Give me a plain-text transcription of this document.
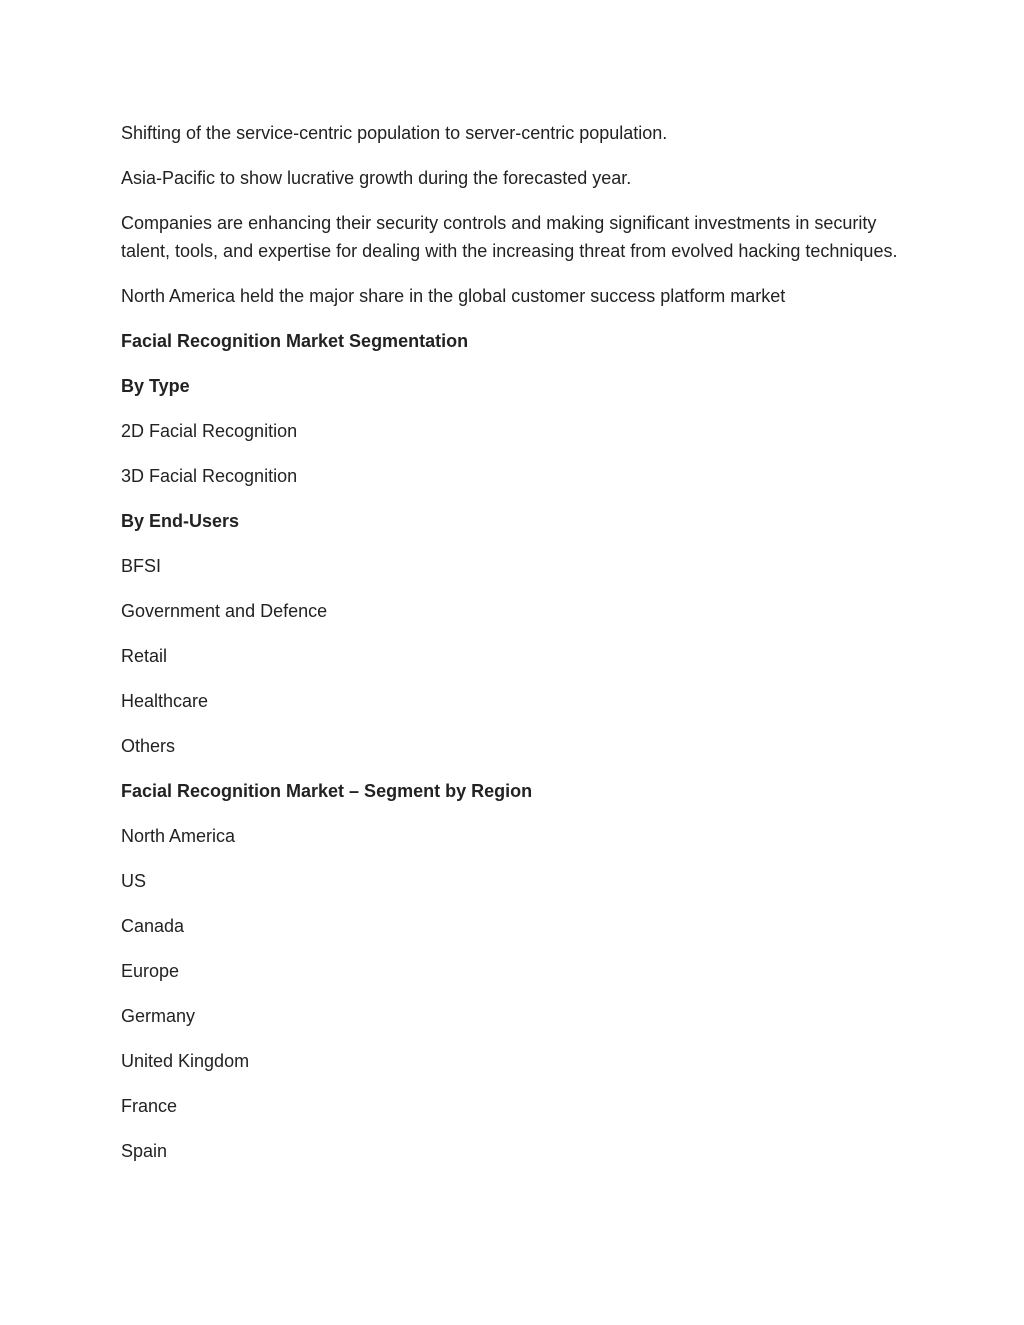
Shifting of the service-centric population to server-centric population.

Asia-Pacific to show lucrative growth during the forecasted year.

Companies are enhancing their security controls and making significant investments in security talent, tools, and expertise for dealing with the increasing threat from evolved hacking techniques.

North America held the major share in the global customer success platform market

Facial Recognition Market Segmentation

By Type

2D Facial Recognition

3D Facial Recognition

By End-Users

BFSI

Government and Defence

Retail

Healthcare

Others

Facial Recognition Market – Segment by Region

North America

US

Canada

Europe

Germany

United Kingdom

France

Spain
